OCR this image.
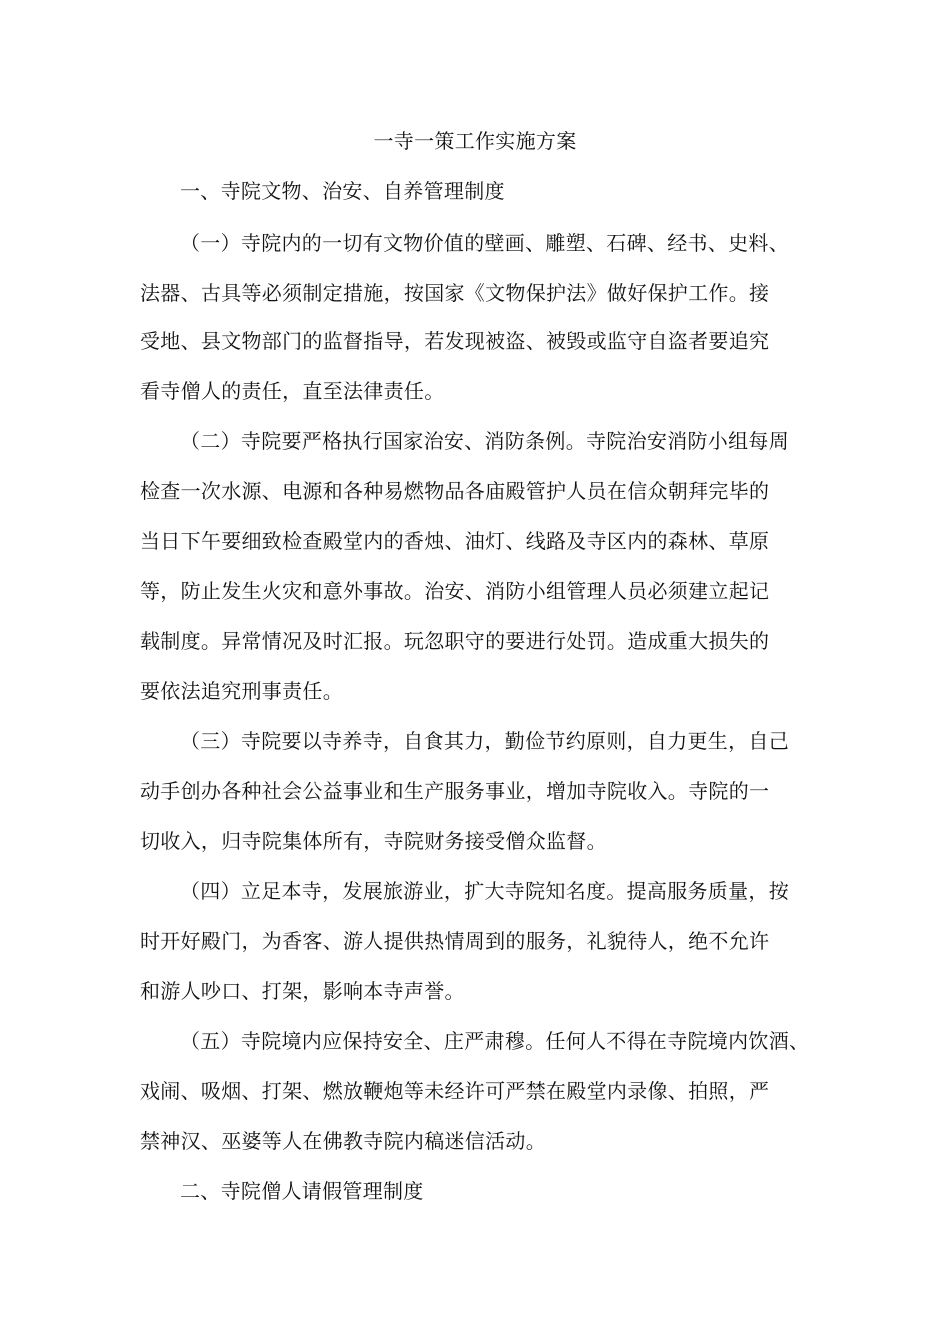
一寺一策工作实施方案
一、寺院文物、治安、自养管理制度
（一）寺院内的一切有文物价值的壁画、雕塑、石碑、经书、史料、
法器、古具等必须制定措施，按国家《文物保护法》做好保护工作。接
受地、县文物部门的监督指导，若发现被盗、被毁或监守自盗者要追究
看寺僧人的责任，直至法律责任。
（二）寺院要严格执行国家治安、消防条例。寺院治安消防小组每周
检查一次水源、电源和各种易燃物品各庙殿管护人员在信众朝拜完毕的
当日下午要细致检查殿堂内的香烛、油灯、线路及寺区内的森林、草原
等，防止发生火灾和意外事故。治安、消防小组管理人员必须建立起记
载制度。异常情况及时汇报。玩忽职守的要进行处罚。造成重大损失的
要依法追究刑事责任。
（三）寺院要以寺养寺，自食其力，勤俭节约原则，自力更生，自己
动手创办各种社会公益事业和生产服务事业，增加寺院收入。寺院的一
切收入，归寺院集体所有，寺院财务接受僧众监督。
（四）立足本寺，发展旅游业，扩大寺院知名度。提高服务质量，按
时开好殿门，为香客、游人提供热情周到的服务，礼貌待人，绝不允许
和游人吵口、打架，影响本寺声誉。
（五）寺院境内应保持安全、庄严肃穆。任何人不得在寺院境内饮酒、
戏闹、吸烟、打架、燃放鞭炮等未经许可严禁在殿堂内录像、拍照，严
禁神汉、巫婆等人在佛教寺院内稿迷信活动。
二、寺院僧人请假管理制度
